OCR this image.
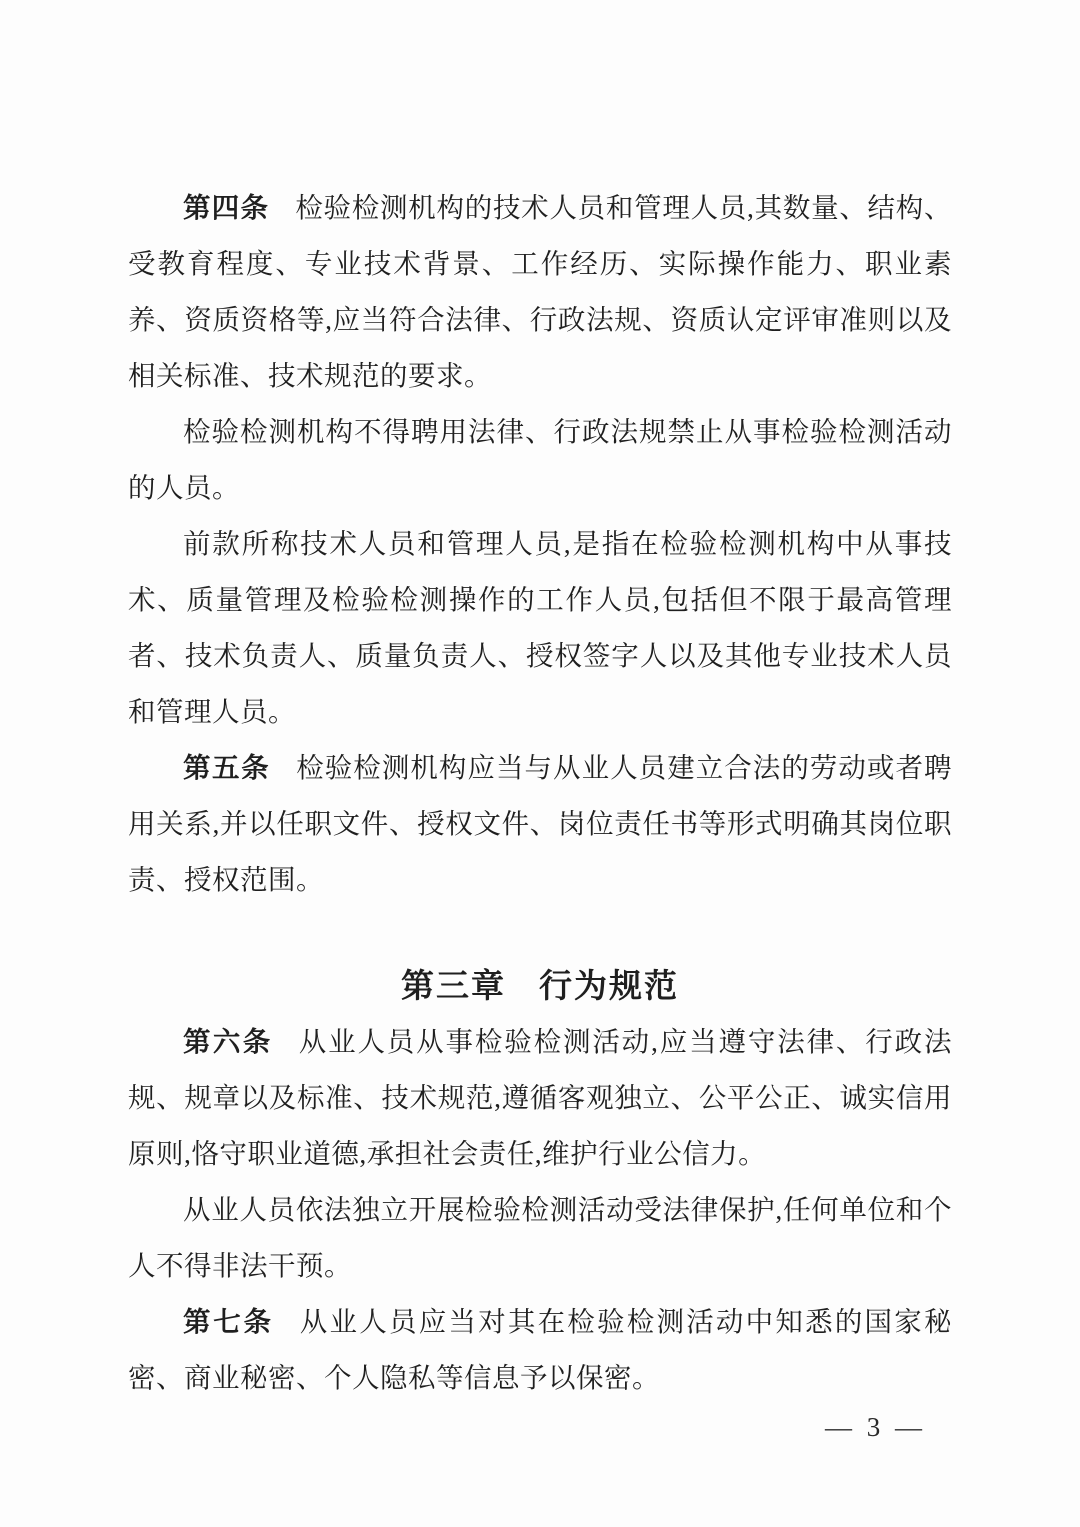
第四条 检验检测机构的技术人员和管理人员,其数量、结构、受教育程度、专业技术背景、工作经历、实际操作能力、职业素养、资质资格等,应当符合法律、行政法规、资质认定评审准则以及相关标准、技术规范的要求。

检验检测机构不得聘用法律、行政法规禁止从事检验检测活动的人员。

前款所称技术人员和管理人员,是指在检验检测机构中从事技术、质量管理及检验检测操作的工作人员,包括但不限于最高管理者、技术负责人、质量负责人、授权签字人以及其他专业技术人员和管理人员。

第五条 检验检测机构应当与从业人员建立合法的劳动或者聘用关系,并以任职文件、授权文件、岗位责任书等形式明确其岗位职责、授权范围。

第三章 行为规范

第六条 从业人员从事检验检测活动,应当遵守法律、行政法规、规章以及标准、技术规范,遵循客观独立、公平公正、诚实信用原则,恪守职业道德,承担社会责任,维护行业公信力。

从业人员依法独立开展检验检测活动受法律保护,任何单位和个人不得非法干预。

第七条 从业人员应当对其在检验检测活动中知悉的国家秘密、商业秘密、个人隐私等信息予以保密。

— 3 —
